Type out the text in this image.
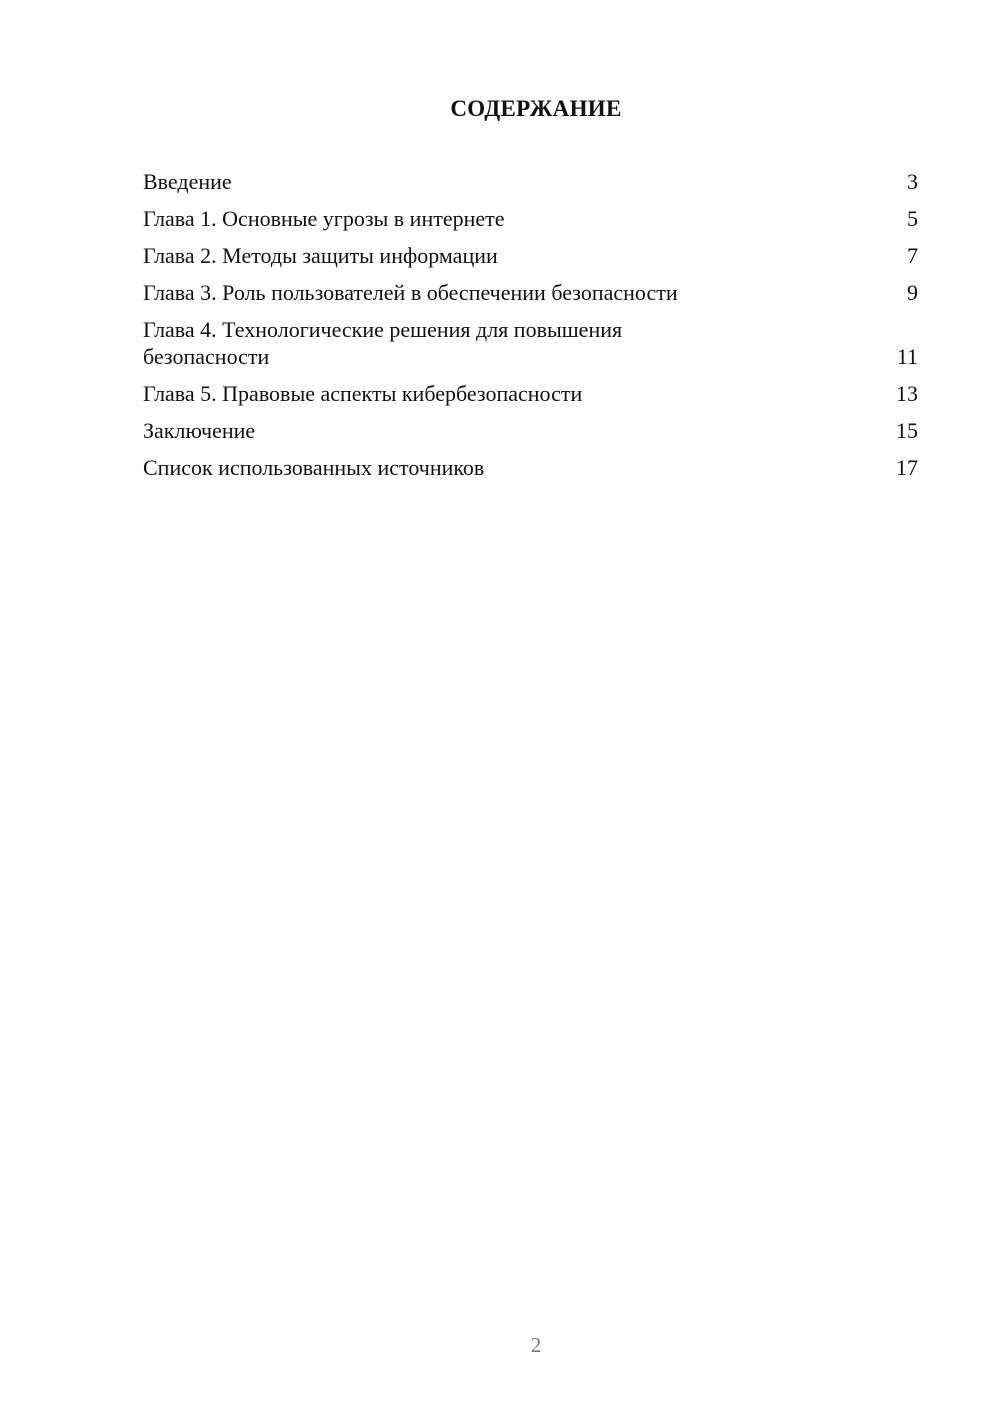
СОДЕРЖАНИЕ
Введение	3
Глава 1. Основные угрозы в интернете	5
Глава 2. Методы защиты информации	7
Глава 3. Роль пользователей в обеспечении безопасности	9
Глава 4. Технологические решения для повышения безопасности	11
Глава 5. Правовые аспекты кибербезопасности	13
Заключение	15
Список использованных источников	17
2
